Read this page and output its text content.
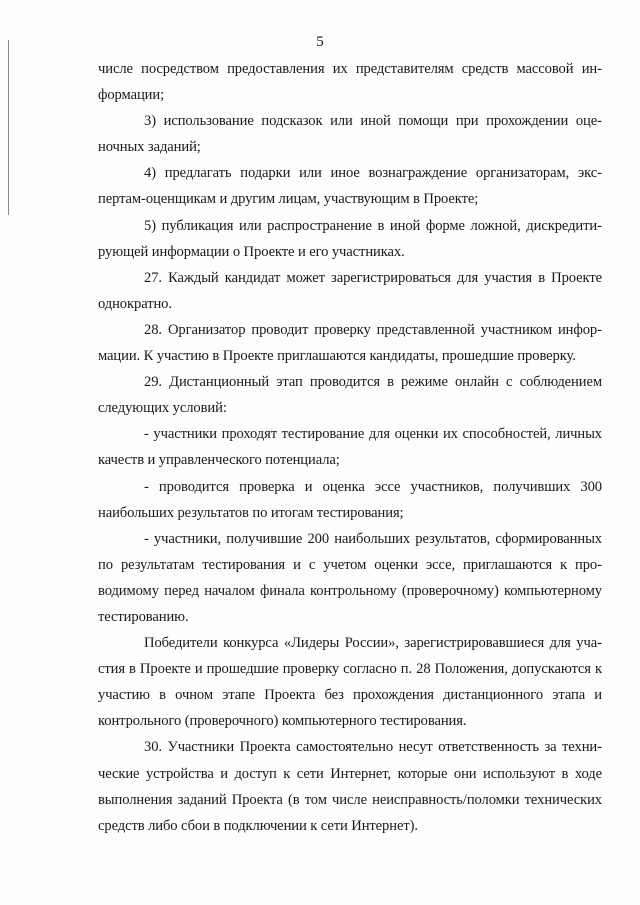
5

числе посредством предоставления их представителям средств массовой информации;

3) использование подсказок или иной помощи при прохождении оценочных заданий;

4) предлагать подарки или иное вознаграждение организаторам, экспертам-оценщикам и другим лицам, участвующим в Проекте;

5) публикация или распространение в иной форме ложной, дискредитирующей информации о Проекте и его участниках.

27. Каждый кандидат может зарегистрироваться для участия в Проекте однократно.

28. Организатор проводит проверку представленной участником информации. К участию в Проекте приглашаются кандидаты, прошедшие проверку.

29. Дистанционный этап проводится в режиме онлайн с соблюдением следующих условий:

- участники проходят тестирование для оценки их способностей, личных качеств и управленческого потенциала;

- проводится проверка и оценка эссе участников, получивших 300 наибольших результатов по итогам тестирования;

- участники, получившие 200 наибольших результатов, сформированных по результатам тестирования и с учетом оценки эссе, приглашаются к проводимому перед началом финала контрольному (проверочному) компьютерному тестированию.

Победители конкурса «Лидеры России», зарегистрировавшиеся для участия в Проекте и прошедшие проверку согласно п. 28 Положения, допускаются к участию в очном этапе Проекта без прохождения дистанционного этапа и контрольного (проверочного) компьютерного тестирования.

30. Участники Проекта самостоятельно несут ответственность за технические устройства и доступ к сети Интернет, которые они используют в ходе выполнения заданий Проекта (в том числе неисправность/поломки технических средств либо сбои в подключении к сети Интернет).
